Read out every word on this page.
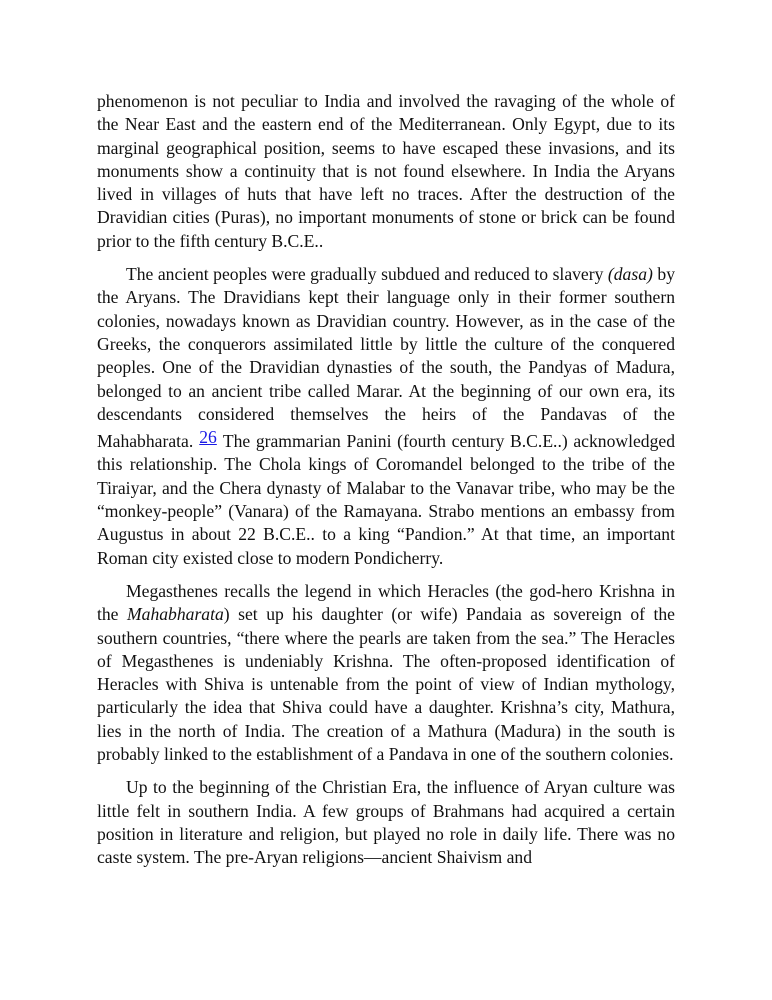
phenomenon is not peculiar to India and involved the ravaging of the whole of the Near East and the eastern end of the Mediterranean. Only Egypt, due to its marginal geographical position, seems to have escaped these invasions, and its monuments show a continuity that is not found elsewhere. In India the Aryans lived in villages of huts that have left no traces. After the destruction of the Dravidian cities (Puras), no important monuments of stone or brick can be found prior to the fifth century B.C.E..

The ancient peoples were gradually subdued and reduced to slavery (dasa) by the Aryans. The Dravidians kept their language only in their former southern colonies, nowadays known as Dravidian country. However, as in the case of the Greeks, the conquerors assimilated little by little the culture of the conquered peoples. One of the Dravidian dynasties of the south, the Pandyas of Madura, belonged to an ancient tribe called Marar. At the beginning of our own era, its descendants considered themselves the heirs of the Pandavas of the Mahabharata. 26 The grammarian Panini (fourth century B.C.E..) acknowledged this relationship. The Chola kings of Coromandel belonged to the tribe of the Tiraiyar, and the Chera dynasty of Malabar to the Vanavar tribe, who may be the “monkey-people” (Vanara) of the Ramayana. Strabo mentions an embassy from Augustus in about 22 B.C.E.. to a king “Pandion.” At that time, an important Roman city existed close to modern Pondicherry.

Megasthenes recalls the legend in which Heracles (the god-hero Krishna in the Mahabharata) set up his daughter (or wife) Pandaia as sovereign of the southern countries, “there where the pearls are taken from the sea.” The Heracles of Megasthenes is undeniably Krishna. The often-proposed identification of Heracles with Shiva is untenable from the point of view of Indian mythology, particularly the idea that Shiva could have a daughter. Krishna’s city, Mathura, lies in the north of India. The creation of a Mathura (Madura) in the south is probably linked to the establishment of a Pandava in one of the southern colonies.

Up to the beginning of the Christian Era, the influence of Aryan culture was little felt in southern India. A few groups of Brahmans had acquired a certain position in literature and religion, but played no role in daily life. There was no caste system. The pre-Aryan religions—ancient Shaivism and
